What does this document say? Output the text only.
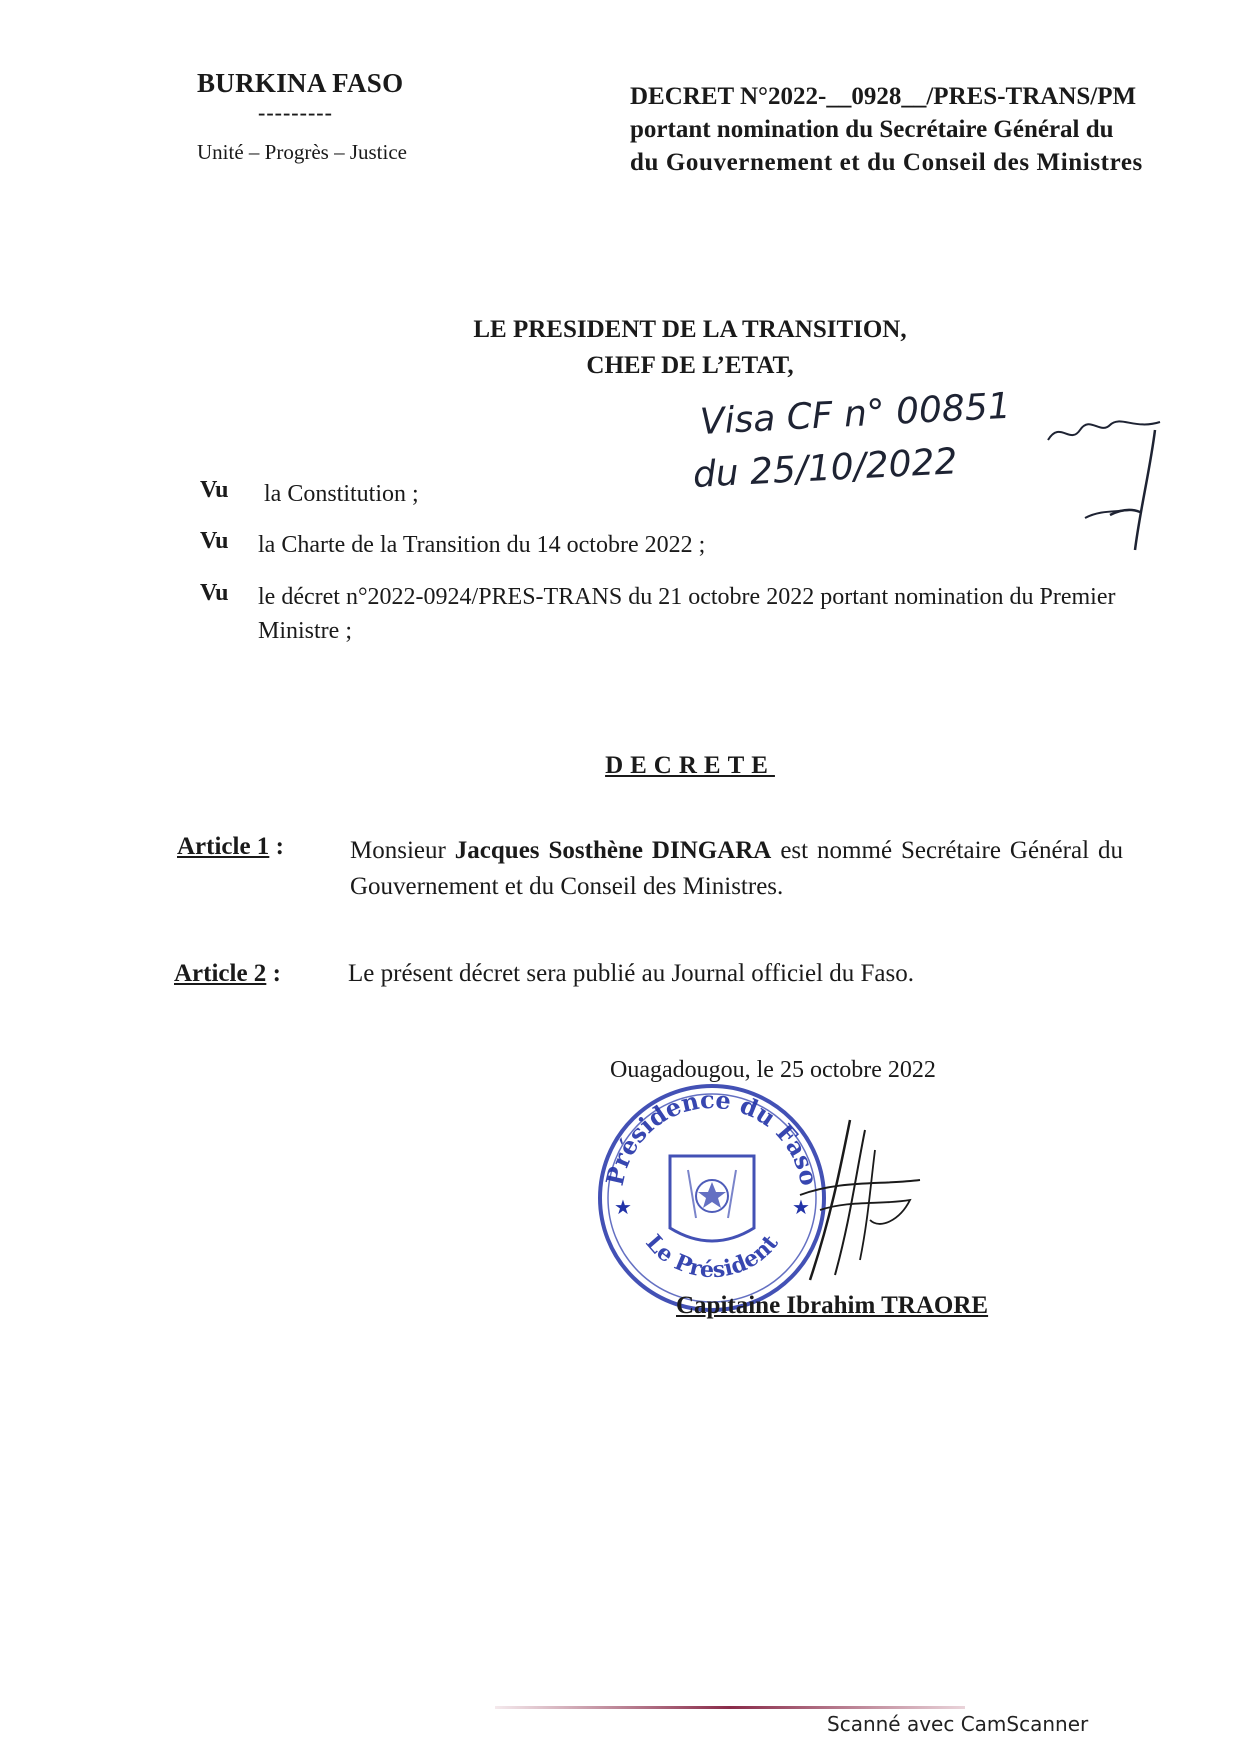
BURKINA FASO
---------
Unité – Progrès – Justice
DECRET N°2022-__0928__/PRES-TRANS/PM
portant nomination du Secrétaire Général du
du Gouvernement et du Conseil des Ministres
LE PRESIDENT DE LA TRANSITION,
CHEF DE L’ETAT,
Visa CF n° 00851
du 25/10/2022
Vu	la Constitution ;
Vu	la Charte de la Transition du 14 octobre 2022 ;
Vu	le décret n°2022-0924/PRES-TRANS du 21 octobre 2022 portant nomination du Premier Ministre ;
DECRETE
Article 1 :	Monsieur Jacques Sosthène DINGARA est nommé Secrétaire Général du Gouvernement et du Conseil des Ministres.
Article 2 :	Le présent décret sera publié au Journal officiel du Faso.
Ouagadougou, le 25 octobre 2022
Présidence du Faso
Le Président
★	★
Capitaine Ibrahim TRAORE
Scanné avec CamScanner
